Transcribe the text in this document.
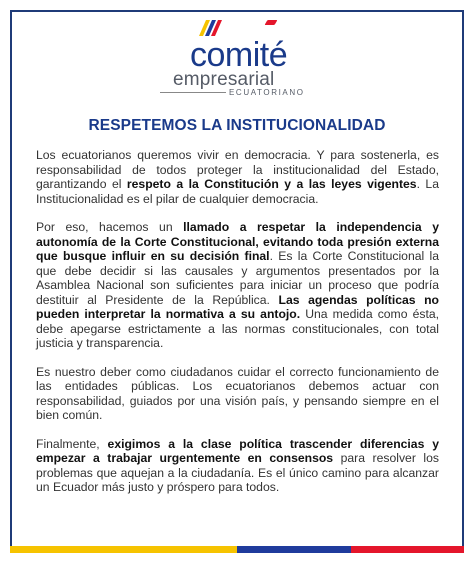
comité
empresarial
ECUATORIANO
RESPETEMOS LA INSTITUCIONALIDAD

Los ecuatorianos queremos vivir en democracia. Y para sostenerla, es responsabilidad de todos proteger la institucionalidad del Estado, garantizando el respeto a la Constitución y a las leyes vigentes. La Institucionalidad es el pilar de cualquier democracia.

Por eso, hacemos un llamado a respetar la independencia y autonomía de la Corte Constitucional, evitando toda presión externa que busque influir en su decisión final. Es la Corte Constitucional la que debe decidir si las causales y argumentos presentados por la Asamblea Nacional son suficientes para iniciar un proceso que podría destituir al Presidente de la República. Las agendas políticas no pueden interpretar la normativa a su antojo. Una medida como ésta, debe apegarse estrictamente a las normas constitucionales, con total justicia y transparencia.

Es nuestro deber como ciudadanos cuidar el correcto funcionamiento de las entidades públicas. Los ecuatorianos debemos actuar con responsabilidad, guiados por una visión país, y pensando siempre en el bien común.

Finalmente, exigimos a la clase política trascender diferencias y empezar a trabajar urgentemente en consensos para resolver los problemas que aquejan a la ciudadanía. Es el único camino para alcanzar un Ecuador más justo y próspero para todos.
